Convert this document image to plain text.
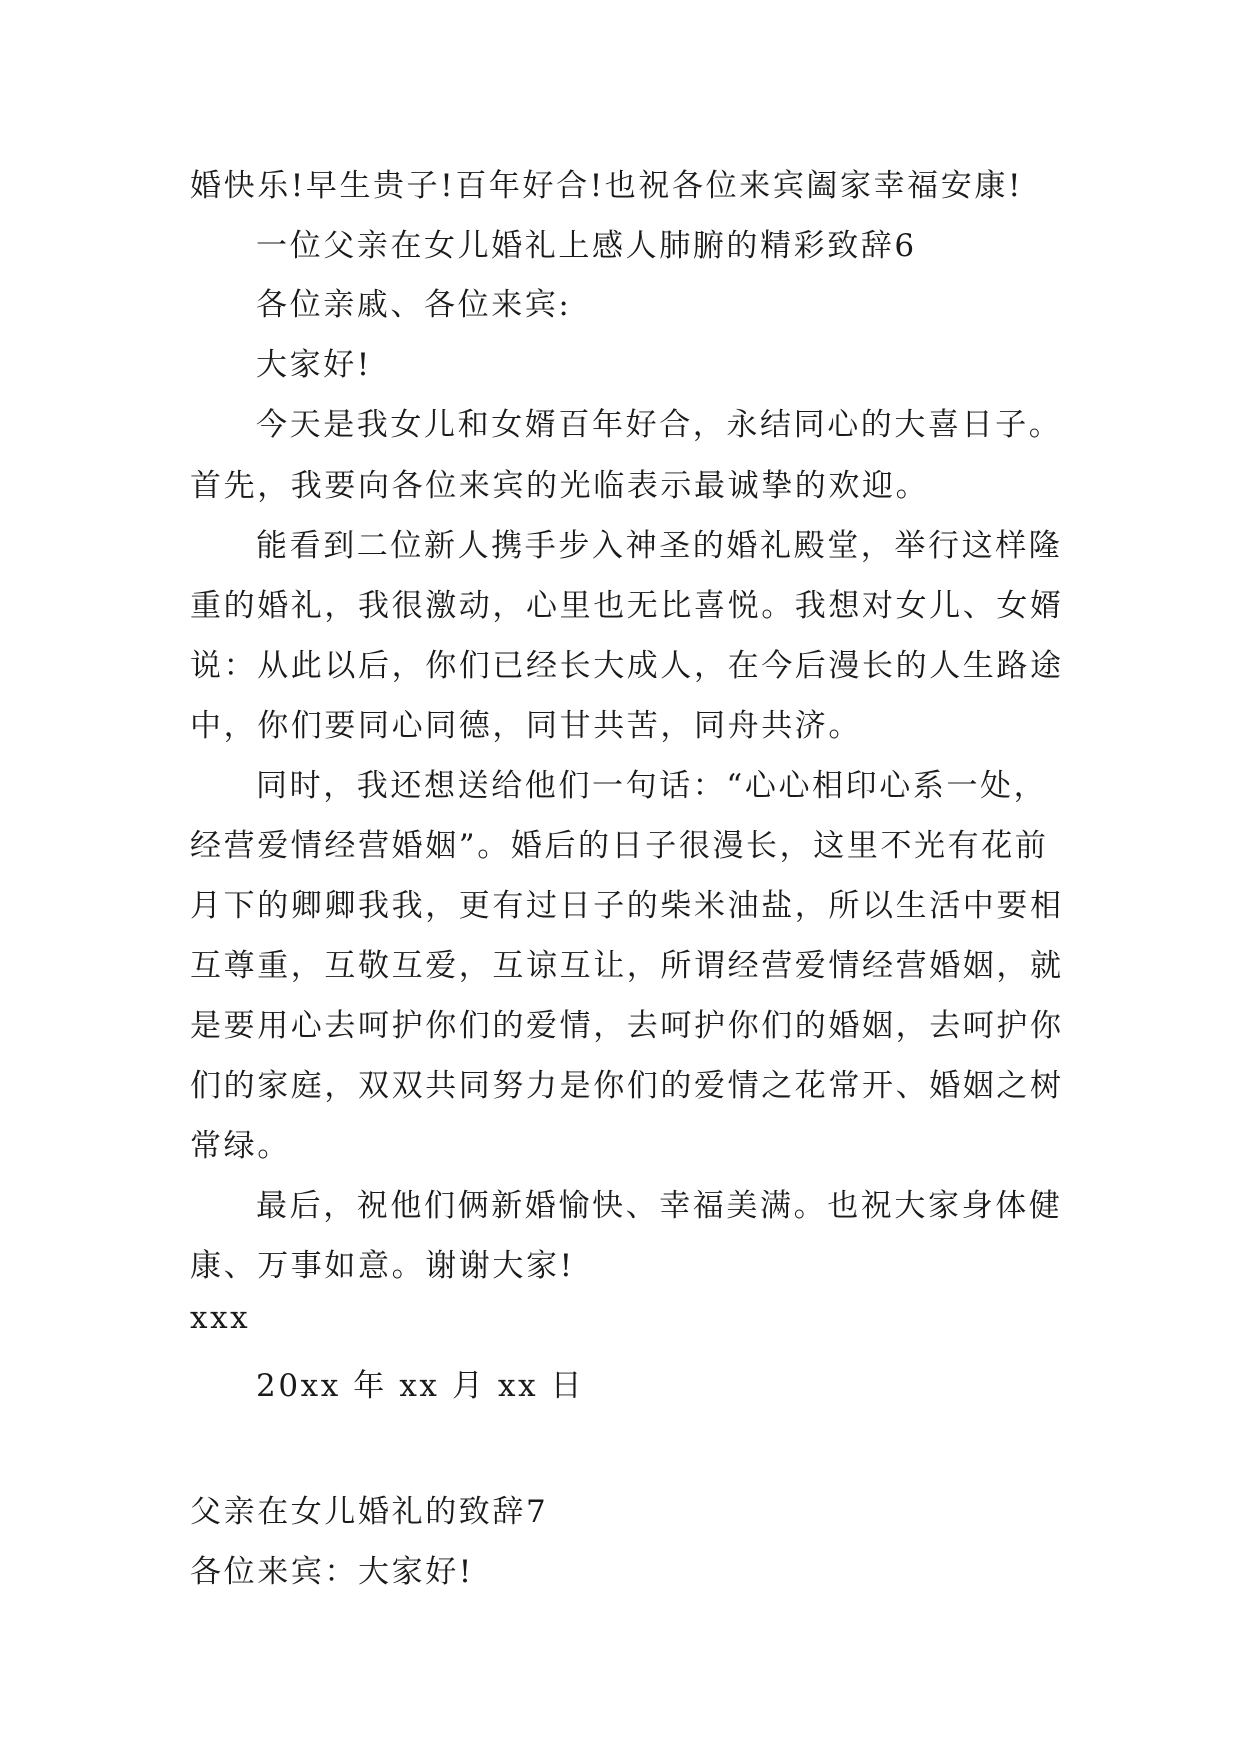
婚快乐!早生贵子!百年好合!也祝各位来宾阖家幸福安康!

一位父亲在女儿婚礼上感人肺腑的精彩致辞6

各位亲戚、各位来宾:

大家好!

今天是我女儿和女婿百年好合，永结同心的大喜日子。

首先，我要向各位来宾的光临表示最诚挚的欢迎。

能看到二位新人携手步入神圣的婚礼殿堂，举行这样隆

重的婚礼，我很激动，心里也无比喜悦。我想对女儿、女婿

说：从此以后，你们已经长大成人，在今后漫长的人生路途

中，你们要同心同德，同甘共苦，同舟共济。

同时，我还想送给他们一句话：“心心相印心系一处，

经营爱情经营婚姻”。婚后的日子很漫长，这里不光有花前

月下的卿卿我我，更有过日子的柴米油盐，所以生活中要相

互尊重，互敬互爱，互谅互让，所谓经营爱情经营婚姻，就

是要用心去呵护你们的爱情，去呵护你们的婚姻，去呵护你

们的家庭，双双共同努力是你们的爱情之花常开、婚姻之树

常绿。

最后，祝他们俩新婚愉快、幸福美满。也祝大家身体健

康、万事如意。谢谢大家!

xxx

20xx 年 xx 月 xx 日

父亲在女儿婚礼的致辞7

各位来宾：大家好!
